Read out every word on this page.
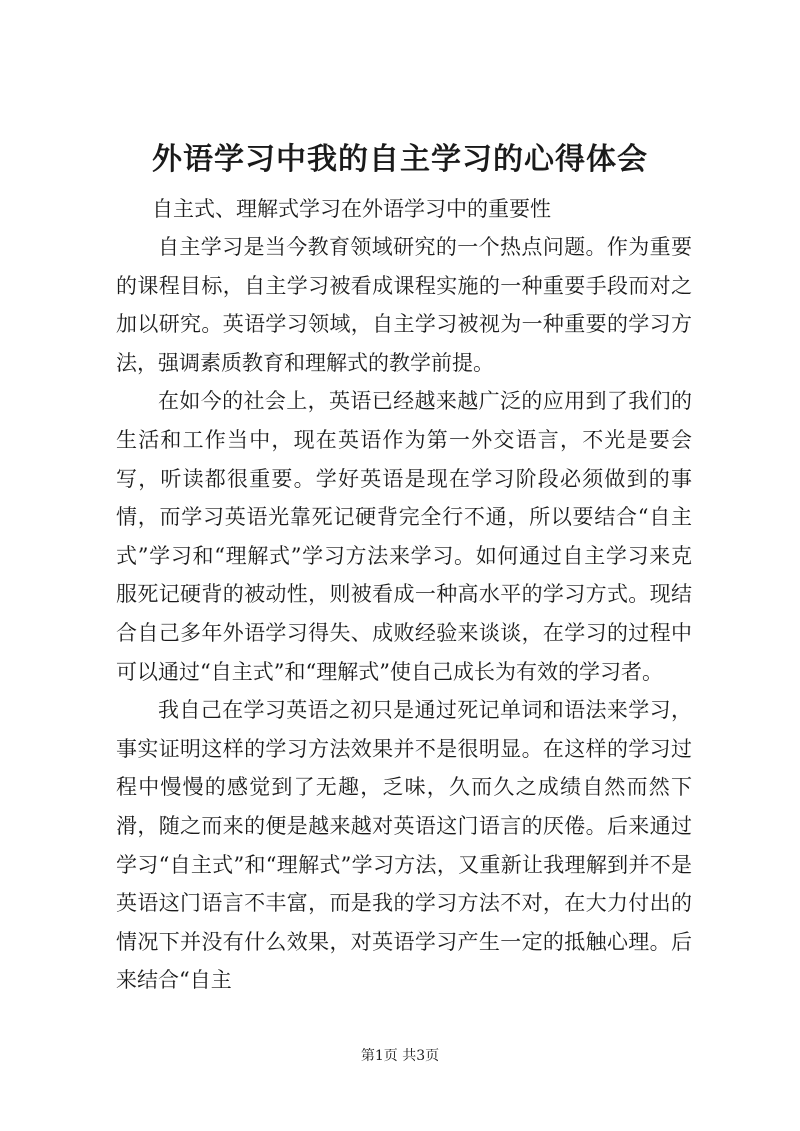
外语学习中我的自主学习的心得体会
自主式、理解式学习在外语学习中的重要性

自主学习是当今教育领域研究的一个热点问题。作为重要的课程目标，自主学习被看成课程实施的一种重要手段而对之加以研究。英语学习领域，自主学习被视为一种重要的学习方法，强调素质教育和理解式的教学前提。

在如今的社会上，英语已经越来越广泛的应用到了我们的生活和工作当中，现在英语作为第一外交语言，不光是要会写，听读都很重要。学好英语是现在学习阶段必须做到的事情，而学习英语光靠死记硬背完全行不通，所以要结合“自主式”学习和“理解式”学习方法来学习。如何通过自主学习来克服死记硬背的被动性，则被看成一种高水平的学习方式。现结合自己多年外语学习得失、成败经验来谈谈，在学习的过程中可以通过“自主式”和“理解式”使自己成长为有效的学习者。

我自己在学习英语之初只是通过死记单词和语法来学习，事实证明这样的学习方法效果并不是很明显。在这样的学习过程中慢慢的感觉到了无趣，乏味，久而久之成绩自然而然下滑，随之而来的便是越来越对英语这门语言的厌倦。后来通过学习“自主式”和“理解式”学习方法，又重新让我理解到并不是英语这门语言不丰富，而是我的学习方法不对，在大力付出的情况下并没有什么效果，对英语学习产生一定的抵触心理。后来结合“自主

第1页 共3页
